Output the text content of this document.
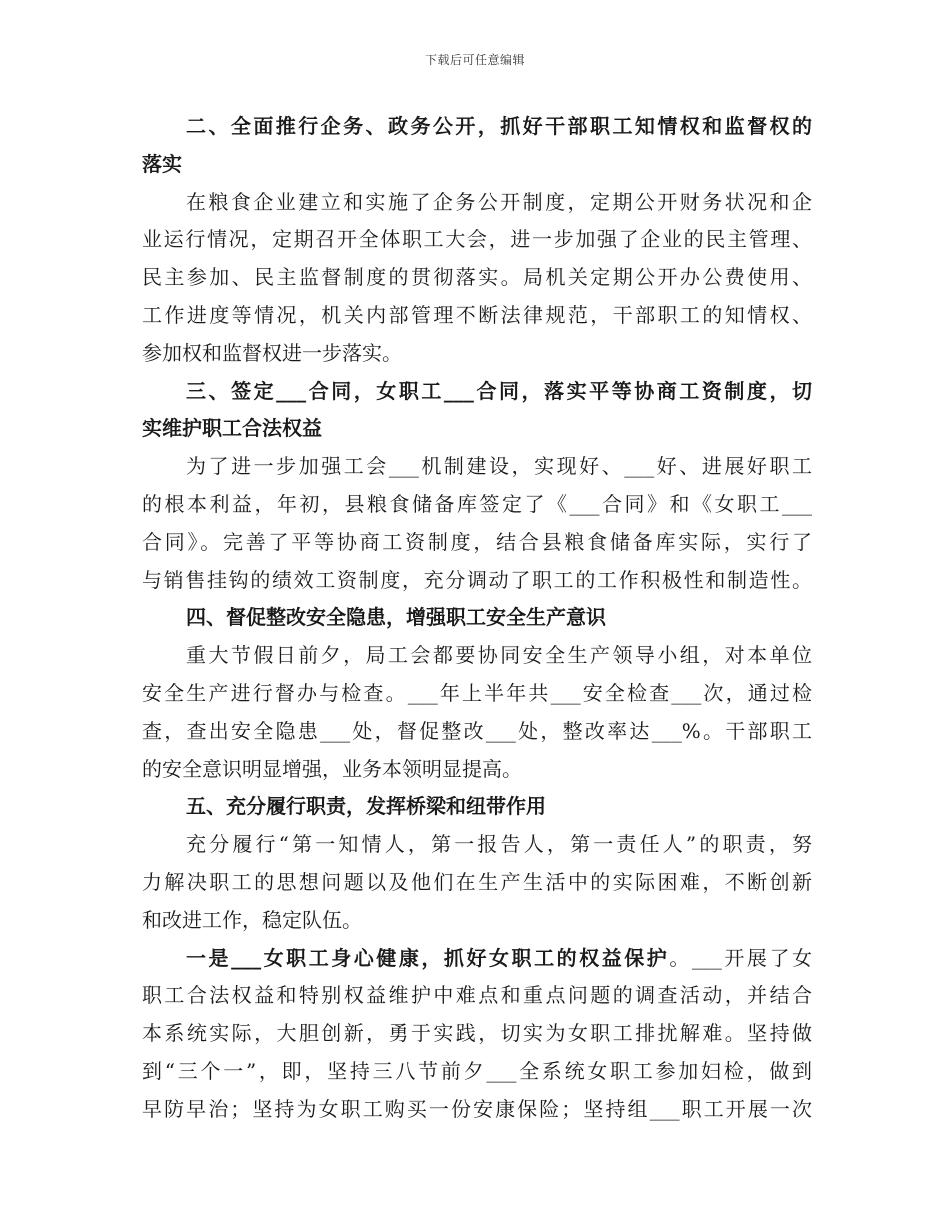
下载后可任意编辑
二、全面推行企务、政务公开，抓好干部职工知情权和监督权的
落实
在粮食企业建立和实施了企务公开制度，定期公开财务状况和企
业运行情况，定期召开全体职工大会，进一步加强了企业的民主管理、
民主参加、民主监督制度的贯彻落实。局机关定期公开办公费使用、
工作进度等情况，机关内部管理不断法律规范，干部职工的知情权、
参加权和监督权进一步落实。
三、签定___合同，女职工___合同，落实平等协商工资制度，切
实维护职工合法权益
为了进一步加强工会___机制建设，实现好、___好、进展好职工
的根本利益，年初，县粮食储备库签定了《___合同》和《女职工___
合同》。完善了平等协商工资制度，结合县粮食储备库实际，实行了
与销售挂钩的绩效工资制度，充分调动了职工的工作积极性和制造性。
四、督促整改安全隐患，增强职工安全生产意识
重大节假日前夕，局工会都要协同安全生产领导小组，对本单位
安全生产进行督办与检查。___年上半年共___安全检查___次，通过检
查，查出安全隐患___处，督促整改___处，整改率达___%。干部职工
的安全意识明显增强，业务本领明显提高。
五、充分履行职责，发挥桥梁和纽带作用
充分履行“第一知情人，第一报告人，第一责任人”的职责，努
力解决职工的思想问题以及他们在生产生活中的实际困难，不断创新
和改进工作，稳定队伍。
一是___女职工身心健康，抓好女职工的权益保护。___开展了女
职工合法权益和特别权益维护中难点和重点问题的调查活动，并结合
本系统实际，大胆创新，勇于实践，切实为女职工排扰解难。坚持做
到“三个一”，即，坚持三八节前夕___全系统女职工参加妇检，做到
早防早治；坚持为女职工购买一份安康保险；坚持组___职工开展一次
